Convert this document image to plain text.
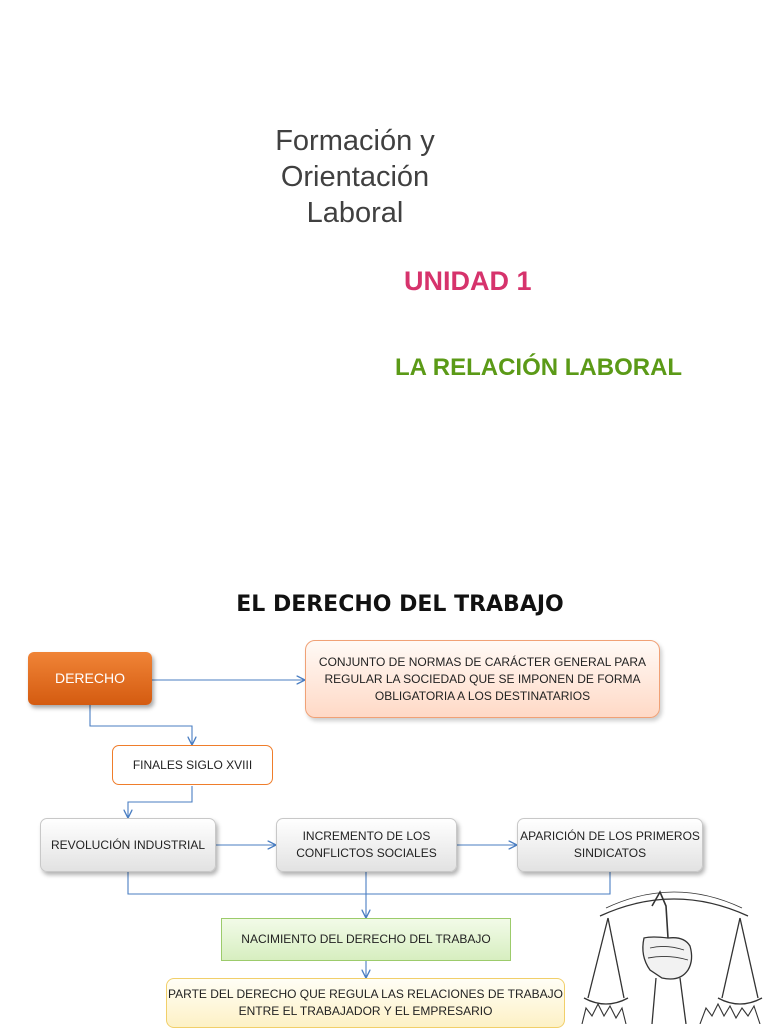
Formación y
Orientación
Laboral
UNIDAD 1
LA RELACIÓN LABORAL
EL DERECHO DEL TRABAJO
DERECHO
CONJUNTO DE NORMAS DE CARÁCTER GENERAL PARA REGULAR LA SOCIEDAD QUE SE IMPONEN DE FORMA OBLIGATORIA A LOS DESTINATARIOS
FINALES SIGLO XVIII
REVOLUCIÓN INDUSTRIAL
INCREMENTO DE LOS CONFLICTOS SOCIALES
APARICIÓN DE LOS PRIMEROS SINDICATOS
NACIMIENTO DEL DERECHO DEL TRABAJO
PARTE DEL DERECHO QUE REGULA LAS RELACIONES DE TRABAJO ENTRE EL TRABAJADOR Y EL EMPRESARIO
